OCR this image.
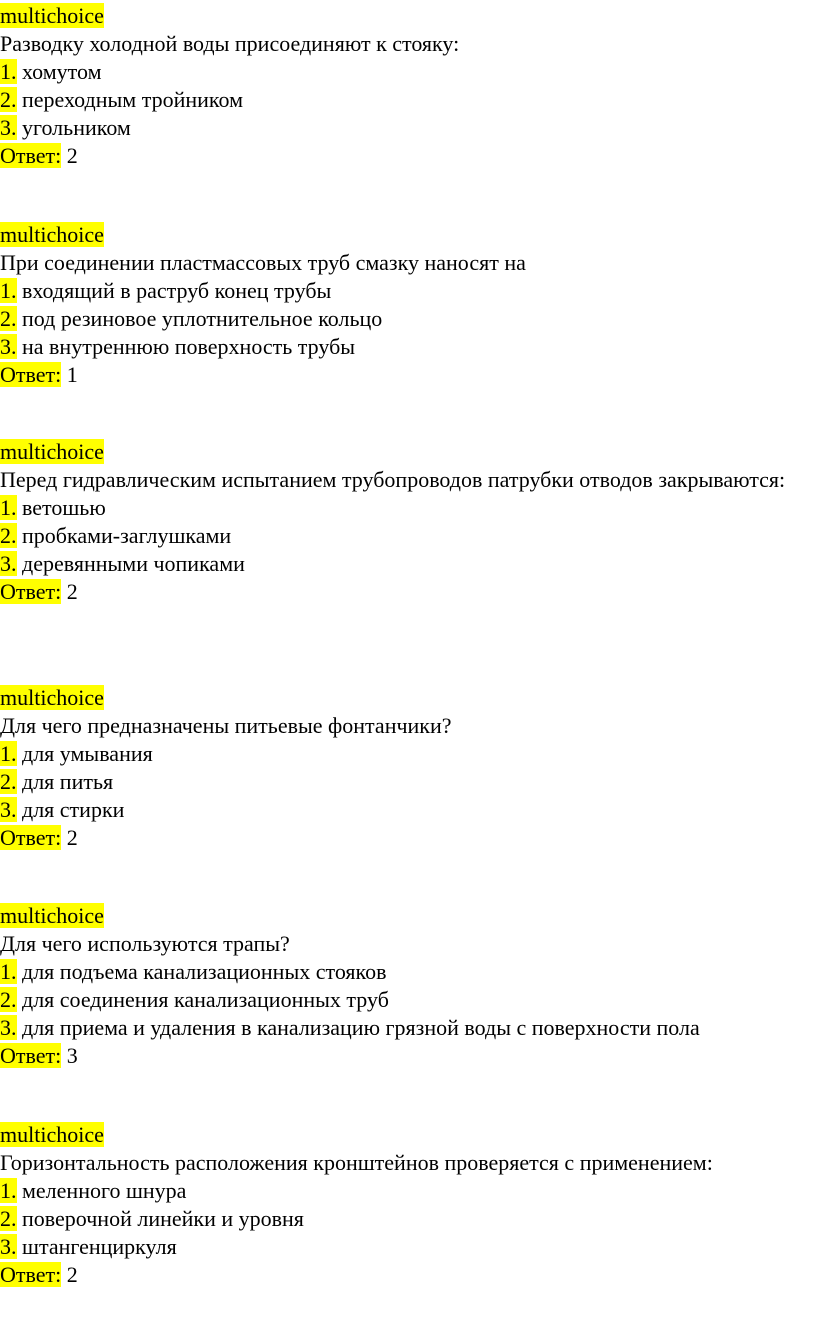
multichoice
Разводку холодной воды присоединяют к стояку:
1. хомутом
2. переходным тройником
3. угольником
Ответ: 2
multichoice
При соединении пластмассовых труб смазку наносят на
1. входящий в раструб конец трубы
2. под резиновое уплотнительное кольцо
3. на внутреннюю поверхность трубы
Ответ: 1
multichoice
Перед гидравлическим испытанием трубопроводов патрубки отводов закрываются:
1. ветошью
2. пробками-заглушками
3. деревянными чопиками
Ответ: 2
multichoice
Для чего предназначены питьевые фонтанчики?
1. для умывания
2. для питья
3. для стирки
Ответ: 2
multichoice
Для чего используются трапы?
1. для подъема канализационных стояков
2. для соединения канализационных труб
3. для приема и удаления в канализацию грязной воды с поверхности пола
Ответ: 3
multichoice
Горизонтальность расположения кронштейнов проверяется с применением:
1. меленного шнура
2. поверочной линейки и уровня
3. штангенциркуля
Ответ: 2
